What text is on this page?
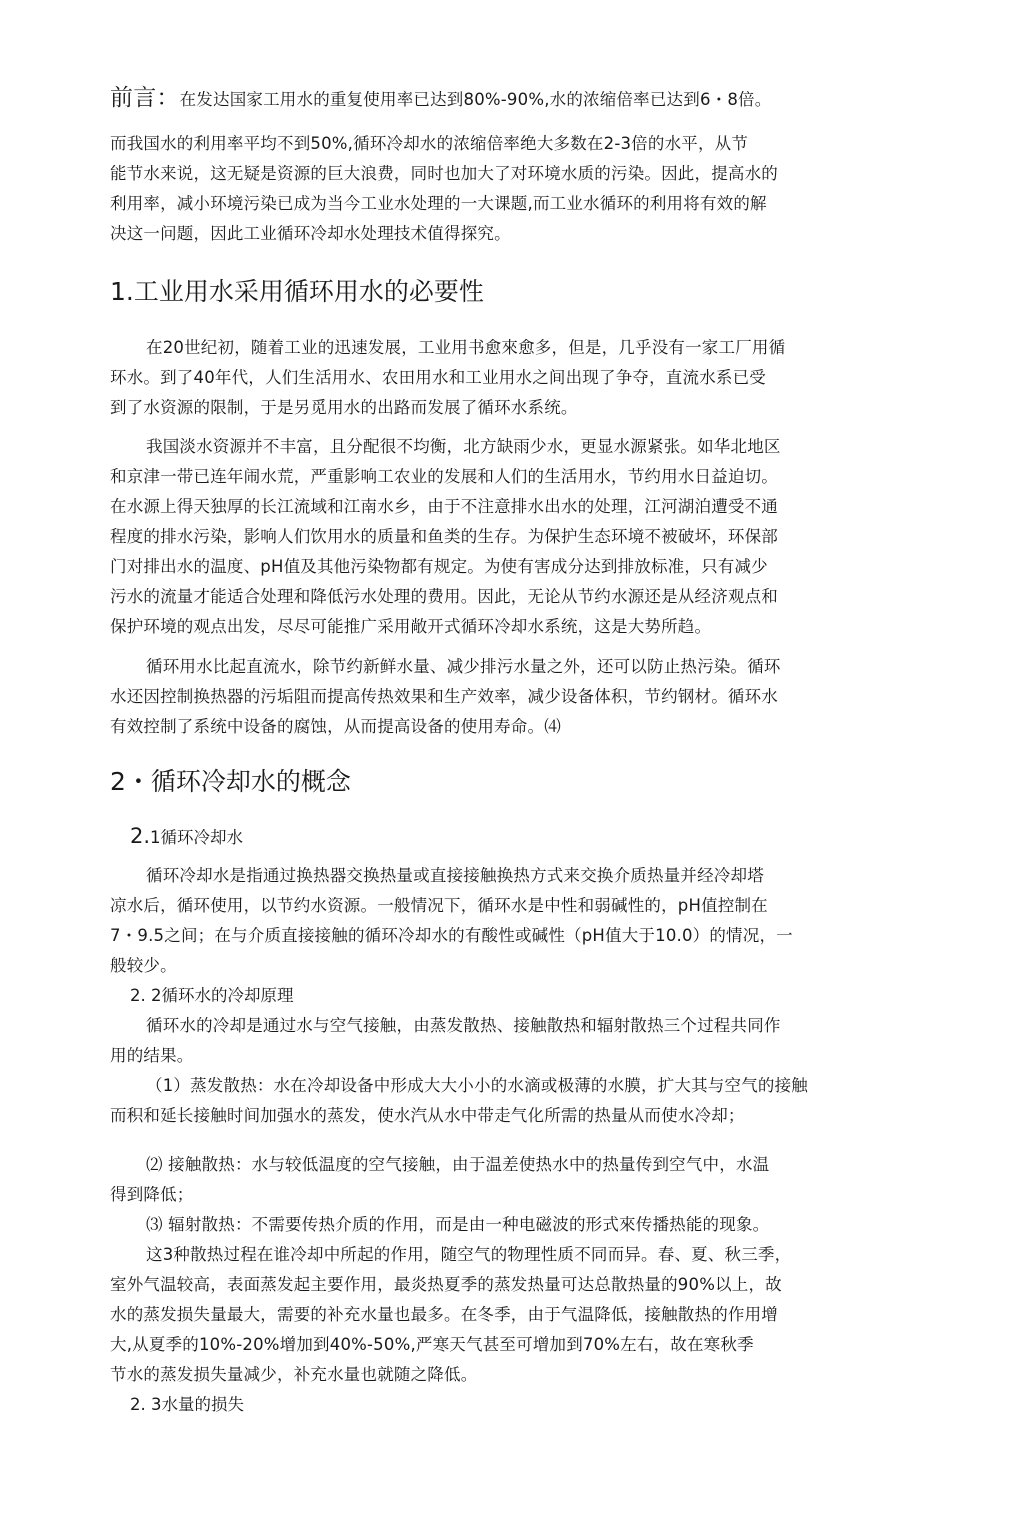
前言：在发达国家工用水的重复使用率已达到80%-90%,水的浓缩倍率已达到6・8倍。
而我国水的利用率平均不到50%,循环冷却水的浓缩倍率绝大多数在2-3倍的水平，从节
能节水来说，这无疑是资源的巨大浪费，同时也加大了对环境水质的污染。因此，提高水的
利用率，减小环境污染已成为当今工业水处理的一大课题,而工业水循环的利用将有效的解
决这一问题，因此工业循环冷却水处理技术值得探究。
1.工业用水采用循环用水的必要性
在20世纪初，随着工业的迅速发展，工业用书愈來愈多，但是，几乎没有一家工厂用循
环水。到了40年代，人们生活用水、农田用水和工业用水之间出现了争夺，直流水系已受
到了水资源的限制，于是另觅用水的出路而发展了循环水系统。
我国淡水资源并不丰富，且分配很不均衡，北方缺雨少水，更显水源紧张。如华北地区
和京津一带已连年闹水荒，严重影响工农业的发展和人们的生活用水，节约用水日益迫切。
在水源上得天独厚的长江流域和江南水乡，由于不注意排水出水的处理，江河湖泊遭受不通
程度的排水污染，影响人们饮用水的质量和鱼类的生存。为保护生态环境不被破坏，环保部
门对排出水的温度、pH值及其他污染物都有规定。为使有害成分达到排放标准，只有减少
污水的流量才能适合处理和降低污水处理的费用。因此，无论从节约水源还是从经济观点和
保护环境的观点出发，尽尽可能推广采用敞开式循环冷却水系统，这是大势所趋。
循环用水比起直流水，除节约新鲜水量、减少排污水量之外，还可以防止热污染。循环
水还因控制换热器的污垢阻而提高传热效果和生产效率，减少设备体积，节约钢材。循环水
有效控制了系统中设备的腐蚀，从而提高设备的使用寿命。⑷
2・循环冷却水的概念
2.1循环冷却水
循环冷却水是指通过换热器交换热量或直接接触换热方式来交换介质热量并经冷却塔
凉水后，循环使用，以节约水资源。一般情况下，循环水是中性和弱碱性的，pH值控制在
7・9.5之间；在与介质直接接触的循环冷却水的有酸性或碱性（pH值大于10.0）的情况，一
般较少。
2. 2循环水的冷却原理
循环水的冷却是通过水与空气接触，由蒸发散热、接触散热和辐射散热三个过程共同作
用的结果。
（1）蒸发散热：水在冷却设备中形成大大小小的水滴或极薄的水膜，扩大其与空气的接触
而积和延长接触时间加强水的蒸发，使水汽从水中带走气化所需的热量从而使水冷却；
⑵ 接触散热：水与较低温度的空气接触，由于温差使热水中的热量传到空气中，水温
得到降低；
⑶ 辐射散热：不需要传热介质的作用，而是由一种电磁波的形式來传播热能的现象。
这3种散热过程在谁冷却中所起的作用，随空气的物理性质不同而异。春、夏、秋三季，
室外气温较高，表面蒸发起主要作用，最炎热夏季的蒸发热量可达总散热量的90%以上，故
水的蒸发损失量最大，需要的补充水量也最多。在冬季，由于气温降低，接触散热的作用增
大,从夏季的10%-20%增加到40%-50%,严寒天气甚至可增加到70%左右，故在寒秋季
节水的蒸发损失量减少，补充水量也就随之降低。
2. 3水量的损失
